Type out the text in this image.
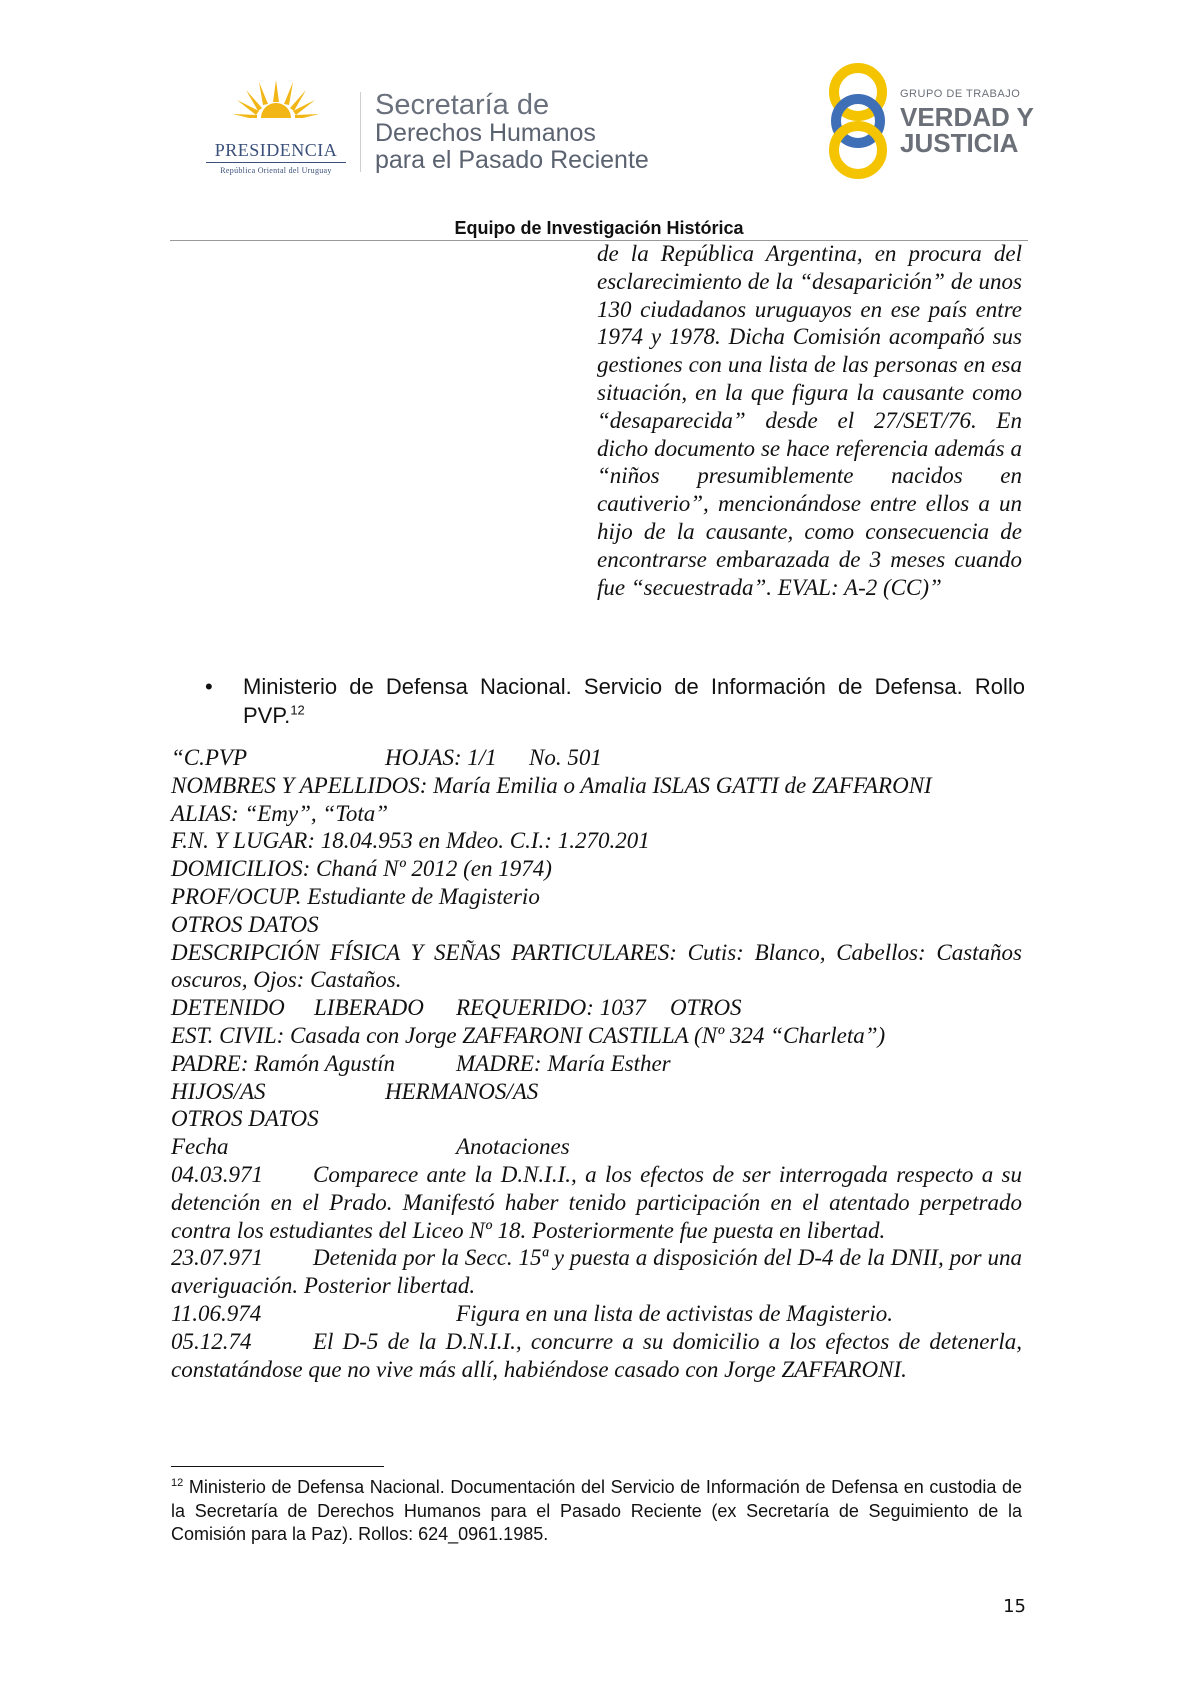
PRESIDENCIA
República Oriental del Uruguay
Secretaría de
Derechos Humanos
para el Pasado Reciente
GRUPO DE TRABAJO
VERDAD Y
JUSTICIA
Equipo de Investigación Histórica

de la República Argentina, en procura del esclarecimiento de la “desaparición” de unos 130 ciudadanos uruguayos en ese país entre 1974 y 1978. Dicha Comisión acompañó sus gestiones con una lista de las personas en esa situación, en la que figura la causante como “desaparecida” desde el 27/SET/76. En dicho documento se hace referencia además a “niños presumiblemente nacidos en cautiverio”, mencionándose entre ellos a un hijo de la causante, como consecuencia de encontrarse embarazada de 3 meses cuando fue “secuestrada”. EVAL: A-2 (CC)”

•	Ministerio de Defensa Nacional. Servicio de Información de Defensa. Rollo PVP.$^{12}$
“C.PVP	HOJAS: 1/1 No. 501
NOMBRES Y APELLIDOS: María Emilia o Amalia ISLAS GATTI de ZAFFARONI
ALIAS: “Emy”, “Tota”
F.N. Y LUGAR: 18.04.953 en Mdeo. C.I.: 1.270.201
DOMICILIOS: Chaná Nº 2012 (en 1974)
PROF/OCUP. Estudiante de Magisterio
OTROS DATOS
DESCRIPCIÓN FÍSICA Y SEÑAS PARTICULARES: Cutis: Blanco, Cabellos: Castaños oscuros, Ojos: Castaños.
DETENIDO LIBERADO REQUERIDO: 1037 OTROS
EST. CIVIL: Casada con Jorge ZAFFARONI CASTILLA (Nº 324 “Charleta”)
PADRE: Ramón Agustín	MADRE: María Esther
HIJOS/AS	HERMANOS/AS
OTROS DATOS
Fecha	Anotaciones
04.03.971 Comparece ante la D.N.I.I., a los efectos de ser interrogada respecto a su detención en el Prado. Manifestó haber tenido participación en el atentado perpetrado contra los estudiantes del Liceo Nº 18. Posteriormente fue puesta en libertad.
23.07.971 Detenida por la Secc. 15ª y puesta a disposición del D-4 de la DNII, por una averiguación. Posterior libertad.
11.06.974	Figura en una lista de activistas de Magisterio.
05.12.74	El D-5 de la D.N.I.I., concurre a su domicilio a los efectos de detenerla, constatándose que no vive más allí, habiéndose casado con Jorge ZAFFARONI.
$^{12}$ Ministerio de Defensa Nacional. Documentación del Servicio de Información de Defensa en custodia de la Secretaría de Derechos Humanos para el Pasado Reciente (ex Secretaría de Seguimiento de la Comisión para la Paz). Rollos: 624_0961.1985.
15
